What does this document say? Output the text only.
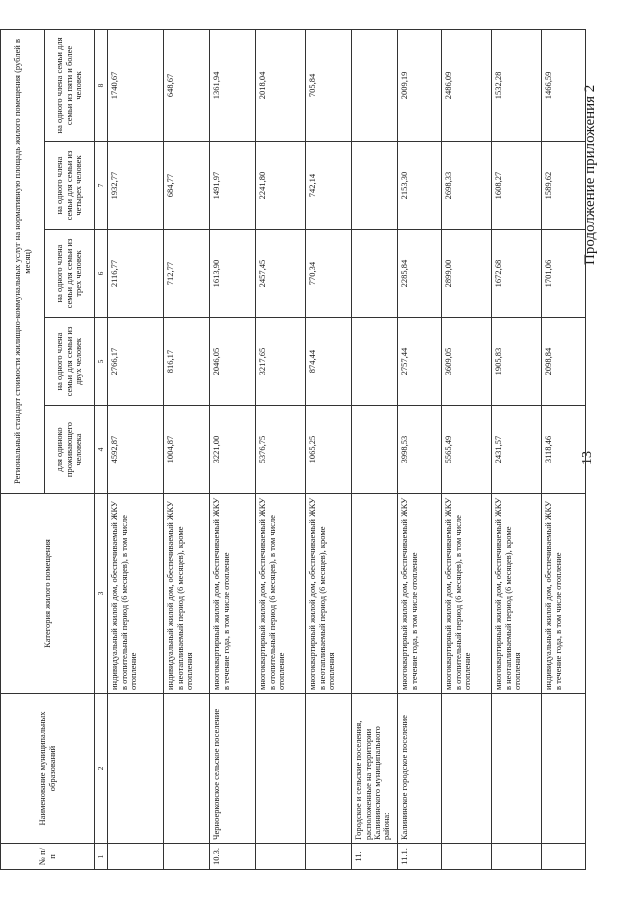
13
Продолжение приложения 2
№ п/п	Наименование муниципальных образований	Категория жилого помещения	Региональный стандарт стоимости жилищно-коммунальных услуг на нормативную площадь жилого помещения (рублей в месяц)				
			для одиноко проживающего человека	на одного члена семьи для семьи из двух человек	на одного члена семьи для семьи из трех человек	на одного члена семьи для семьи из четырех человек	на одного члена семьи для семьи из пяти и более человек
1	2	3	4	5	6	7	8
		индивидуальный жилой дом, обеспечиваемый ЖКУ в отопительный период (6 месяцев), в том числе отопление	4592,87	2766,17	2116,77	1932,77	1740,67
		индивидуальный жилой дом, обеспечиваемый ЖКУ в неотапливаемый период (6 месяцев), кроме отопления	1004,87	816,17	712,77	684,77	648,67
10.3.	Черноерковское сельское поселение	многоквартирный жилой дом, обеспечиваемый ЖКУ в течение года, в том числе отопление	3221,00	2046,05	1613,90	1491,97	1361,94
		многоквартирный жилой дом, обеспечиваемый ЖКУ в отопительный период (6 месяцев), в том числе отопление	5376,75	3217,65	2457,45	2241,80	2018,04
		многоквартирный жилой дом, обеспечиваемый ЖКУ в неотапливаемый период (6 месяцев), кроме отопления	1065,25	874,44	770,34	742,14	705,84
11.	Городское и сельские поселения, расположенные на территории Калининского муниципального района:						
11.1.	Калининское городское поселение	многоквартирный жилой дом, обеспечиваемый ЖКУ в течение года, в том числе отопление	3998,53	2757,44	2285,84	2153,30	2009,19
		многоквартирный жилой дом, обеспечиваемый ЖКУ в отопительный период (6 месяцев), в том числе отопление	5565,49	3609,05	2899,00	2698,33	2486,09
		многоквартирный жилой дом, обеспечиваемый ЖКУ в неотапливаемый период (6 месяцев), кроме отопления	2431,57	1905,83	1672,68	1608,27	1532,28
		индивидуальный жилой дом, обеспечиваемый ЖКУ в течение года, в том числе отопление	3118,46	2098,84	1701,06	1589,62	1466,59
